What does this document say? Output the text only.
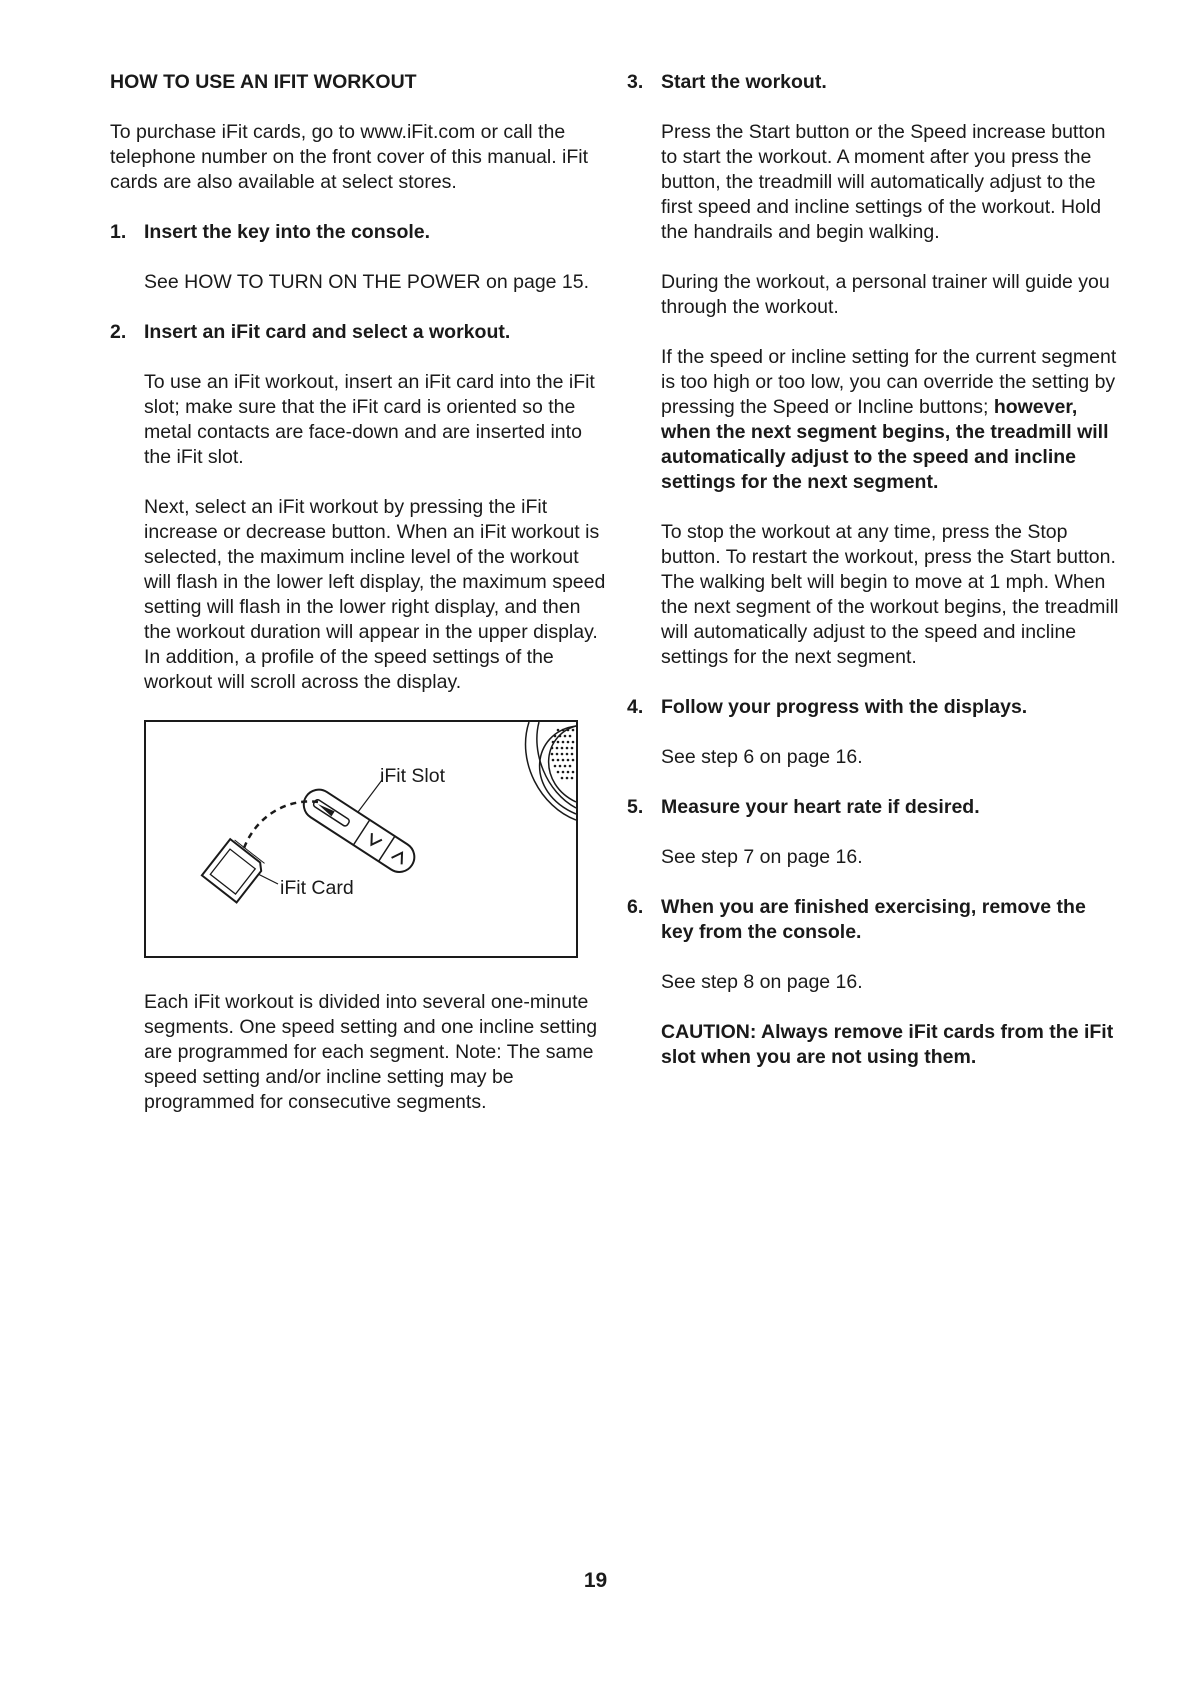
HOW TO USE AN IFIT WORKOUT

To purchase iFit cards, go to www.iFit.com or call the telephone number on the front cover of this manual. iFit cards are also available at select stores.

1. Insert the key into the console.

See HOW TO TURN ON THE POWER on page 15.

2. Insert an iFit card and select a workout.

To use an iFit workout, insert an iFit card into the iFit slot; make sure that the iFit card is oriented so the metal contacts are face-down and are inserted into the iFit slot.

Next, select an iFit workout by pressing the iFit increase or decrease button. When an iFit workout is selected, the maximum incline level of the workout will flash in the lower left display, the maximum speed setting will flash in the lower right display, and then the workout duration will appear in the upper display. In addition, a profile of the speed settings of the workout will scroll across the display.

iFit Slot
iFit Card

Each iFit workout is divided into several one-minute segments. One speed setting and one incline setting are programmed for each segment. Note: The same speed setting and/or incline setting may be programmed for consecutive segments.

3. Start the workout.

Press the Start button or the Speed increase button to start the workout. A moment after you press the button, the treadmill will automatically adjust to the first speed and incline settings of the workout. Hold the handrails and begin walking.

During the workout, a personal trainer will guide you through the workout.

If the speed or incline setting for the current segment is too high or too low, you can override the setting by pressing the Speed or Incline buttons; however, when the next segment begins, the treadmill will automatically adjust to the speed and incline settings for the next segment.

To stop the workout at any time, press the Stop button. To restart the workout, press the Start button. The walking belt will begin to move at 1 mph. When the next segment of the workout begins, the treadmill will automatically adjust to the speed and incline settings for the next segment.

4. Follow your progress with the displays.

See step 6 on page 16.

5. Measure your heart rate if desired.

See step 7 on page 16.

6. When you are finished exercising, remove the key from the console.

See step 8 on page 16.

CAUTION: Always remove iFit cards from the iFit slot when you are not using them.

19
